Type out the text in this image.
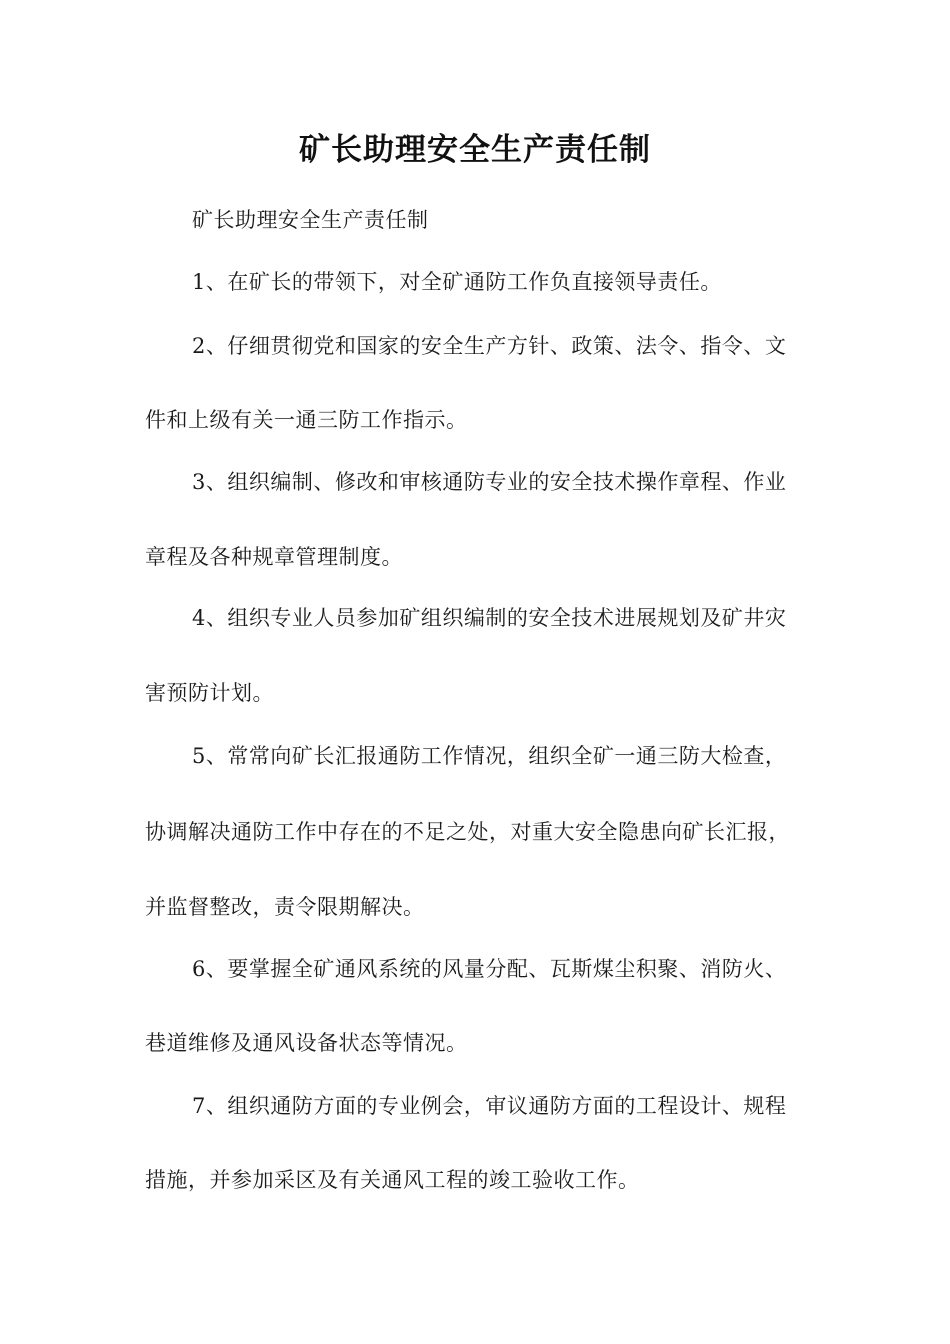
矿长助理安全生产责任制
矿长助理安全生产责任制
1、在矿长的带领下，对全矿通防工作负直接领导责任。
2、仔细贯彻党和国家的安全生产方针、政策、法令、指令、文
件和上级有关一通三防工作指示。
3、组织编制、修改和审核通防专业的安全技术操作章程、作业
章程及各种规章管理制度。
4、组织专业人员参加矿组织编制的安全技术进展规划及矿井灾
害预防计划。
5、常常向矿长汇报通防工作情况，组织全矿一通三防大检查，
协调解决通防工作中存在的不足之处，对重大安全隐患向矿长汇报，
并监督整改，责令限期解决。
6、要掌握全矿通风系统的风量分配、瓦斯煤尘积聚、消防火、
巷道维修及通风设备状态等情况。
7、组织通防方面的专业例会，审议通防方面的工程设计、规程
措施，并参加采区及有关通风工程的竣工验收工作。
